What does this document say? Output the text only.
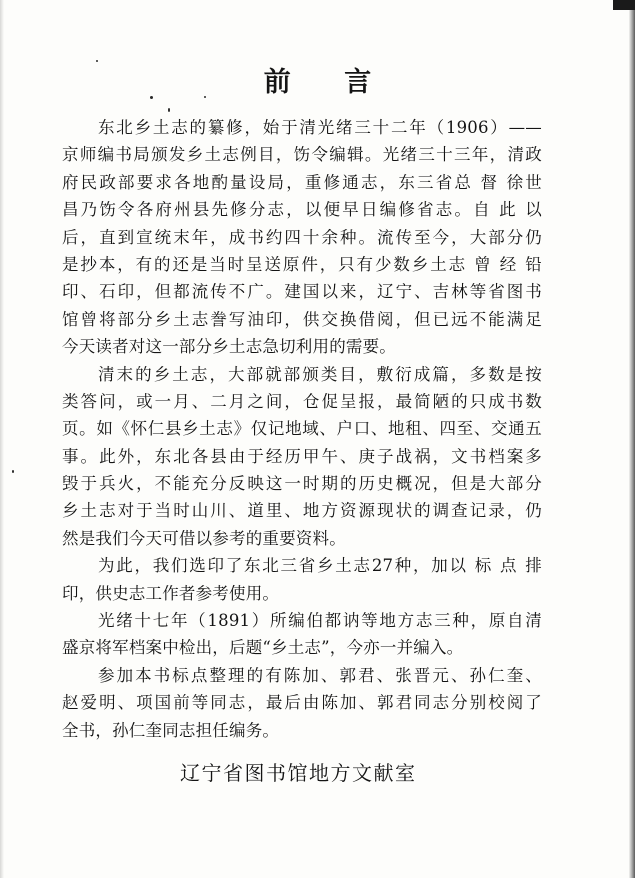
前 言
东北乡土志的纂修，始于清光绪三十二年（1906）——
京师编书局颁发乡土志例目，饬令编辑。光绪三十三年，清政
府民政部要求各地酌量设局，重修通志，东三省总 督 徐世
昌乃饬令各府州县先修分志，以便早日编修省志。自 此 以
后，直到宣统末年，成书约四十余种。流传至今，大部分仍
是抄本，有的还是当时呈送原件，只有少数乡土志 曾 经 铅
印、石印，但都流传不广。建国以来，辽宁、吉林等省图书
馆曾将部分乡土志誊写油印，供交换借阅，但已远不能满足
今天读者对这一部分乡土志急切利用的需要。
清末的乡土志，大部就部颁类目，敷衍成篇，多数是按
类答问，或一月、二月之间，仓促呈报，最简陋的只成书数
页。如《怀仁县乡土志》仅记地域、户口、地租、四至、交通五
事。此外，东北各县由于经历甲午、庚子战祸，文书档案多
毁于兵火，不能充分反映这一时期的历史概况，但是大部分
乡土志对于当时山川、道里、地方资源现状的调查记录，仍
然是我们今天可借以参考的重要资料。
为此，我们选印了东北三省乡土志27种，加以 标 点 排
印，供史志工作者参考使用。
光绪十七年（1891）所编伯都讷等地方志三种，原自清
盛京将军档案中检出，后题“乡土志”，今亦一并编入。
参加本书标点整理的有陈加、郭君、张晋元、孙仁奎、
赵爱明、项国前等同志，最后由陈加、郭君同志分别校阅了
全书，孙仁奎同志担任编务。
辽宁省图书馆地方文献室
